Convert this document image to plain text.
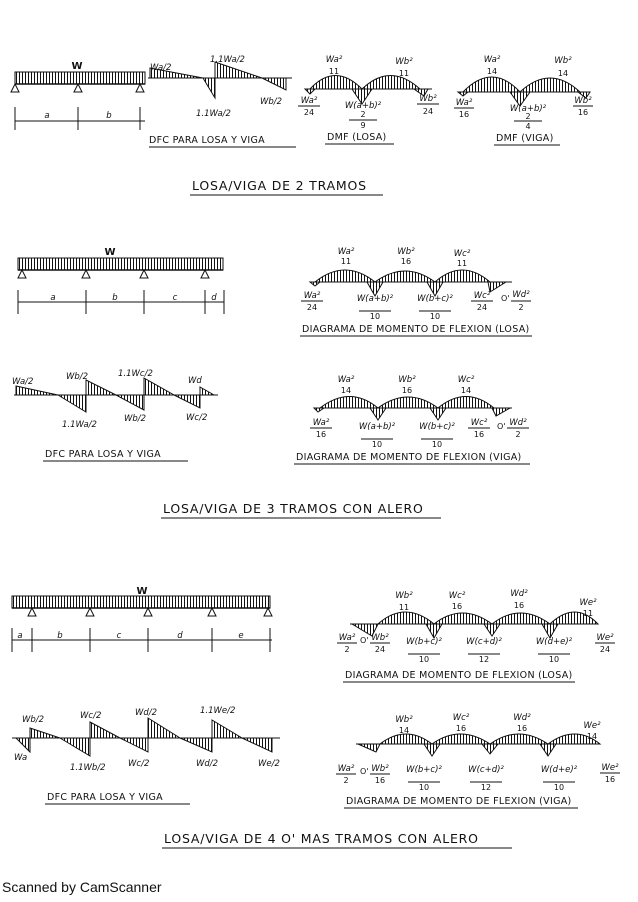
W
a	b
Wa/2
1.1Wa/2
1.1Wa/2
Wb/2
DFC PARA LOSA Y VIGA
Wa²
11
Wb²
11
Wa²
24
W(a+b)²
2
9
Wb²
24
DMF (LOSA)
Wa²
14
Wb²
14
Wa²
16
W(a+b)²
2
4
Wb²
16
DMF (VIGA)
LOSA/VIGA DE 2 TRAMOS
W
a	b	c	d
Wa²
11
Wb²
16
Wc²
11
Wa²
24
W(a+b)²
10
W(b+c)²
10
Wc²
24
O' Wd²
2
DIAGRAMA DE MOMENTO DE FLEXION (LOSA)
Wa/2	Wb/2	1.1Wc/2
Wd
1.1Wa/2
Wb/2	Wc/2
DFC PARA LOSA Y VIGA
Wa²
14
Wb²
16
Wc²
14
Wa²
16
W(a+b)²
10
W(b+c)²
10
Wc²
16
O' Wd²
2
DIAGRAMA DE MOMENTO DE FLEXION (VIGA)
LOSA/VIGA DE 3 TRAMOS CON ALERO
W
a	b	c	d	e
Wb²
11
Wc²
16
Wd²
16	We²
11
Wa²
2
O' Wb²
24
W(b+c)²
10
W(c+d)²
12
W(d+e)²
10
We²
24
DIAGRAMA DE MOMENTO DE FLEXION (LOSA)
Wb/2	Wc/2	Wd/2	1.1We/2
Wa
1.1Wb/2	Wc/2	Wd/2	We/2
DFC PARA LOSA Y VIGA
Wb²
14
Wc²
16
Wd²
16	We²
14
Wa²
2
O' Wb²
16
W(b+c)²
10
W(c+d)²
12
W(d+e)²
10
We²
16
DIAGRAMA DE MOMENTO DE FLEXION (VIGA)
LOSA/VIGA DE 4 O' MAS TRAMOS CON ALERO
Scanned by CamScanner
